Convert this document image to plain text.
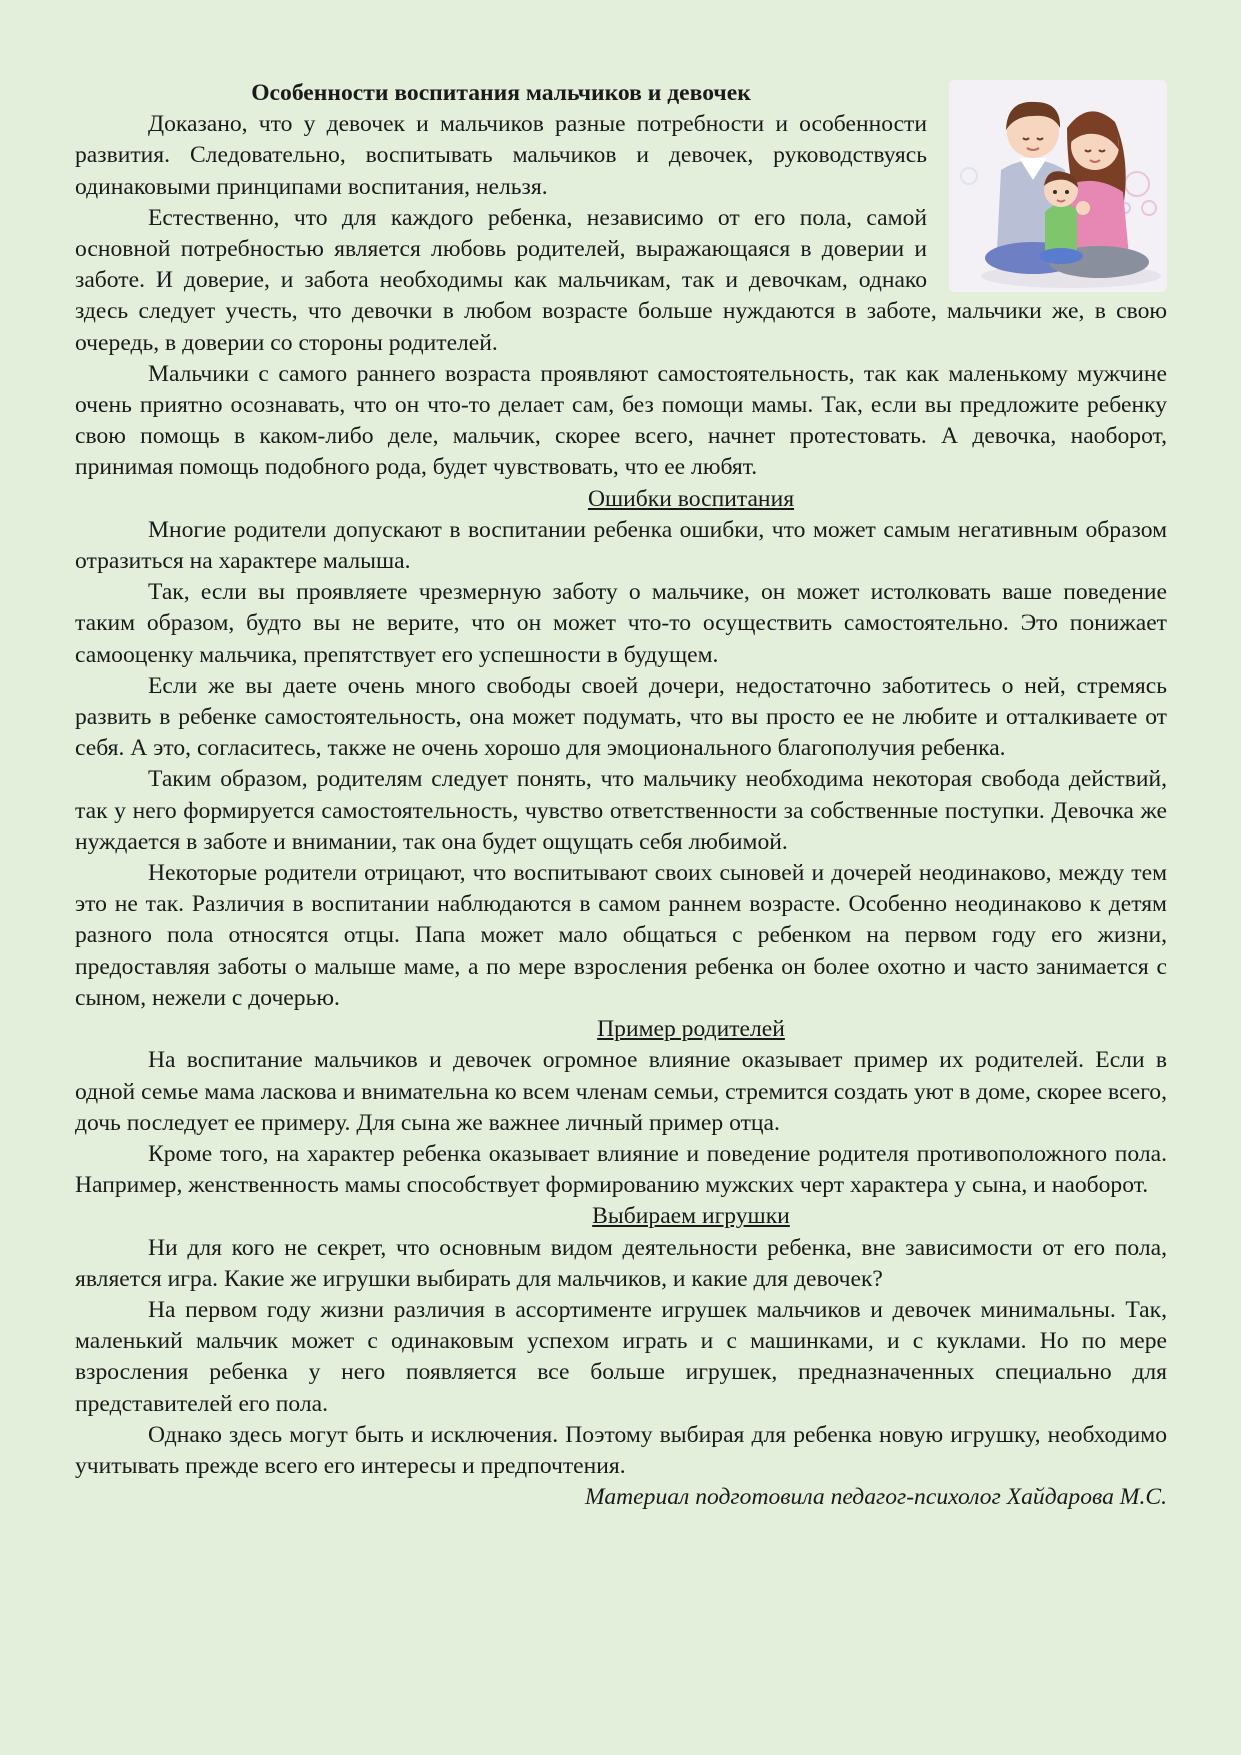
Особенности воспитания мальчиков и девочек

Доказано, что у девочек и мальчиков разные потребности и особенности развития. Следовательно, воспитывать мальчиков и девочек, руководствуясь одинаковыми принципами воспитания, нельзя.

Естественно, что для каждого ребенка, независимо от его пола, самой основной потребностью является любовь родителей, выражающаяся в доверии и заботе. И доверие, и забота необходимы как мальчикам, так и девочкам, однако здесь следует учесть, что девочки в любом возрасте больше нуждаются в заботе, мальчики же, в свою очередь, в доверии со стороны родителей.

Мальчики с самого раннего возраста проявляют самостоятельность, так как маленькому мужчине очень приятно осознавать, что он что-то делает сам, без помощи мамы. Так, если вы предложите ребенку свою помощь в каком-либо деле, мальчик, скорее всего, начнет протестовать. А девочка, наоборот, принимая помощь подобного рода, будет чувствовать, что ее любят.

Ошибки воспитания

Многие родители допускают в воспитании ребенка ошибки, что может самым негативным образом отразиться на характере малыша.

Так, если вы проявляете чрезмерную заботу о мальчике, он может истолковать ваше поведение таким образом, будто вы не верите, что он может что-то осуществить самостоятельно. Это понижает самооценку мальчика, препятствует его успешности в будущем.

Если же вы даете очень много свободы своей дочери, недостаточно заботитесь о ней, стремясь развить в ребенке самостоятельность, она может подумать, что вы просто ее не любите и отталкиваете от себя. А это, согласитесь, также не очень хорошо для эмоционального благополучия ребенка.

Таким образом, родителям следует понять, что мальчику необходима некоторая свобода действий, так у него формируется самостоятельность, чувство ответственности за собственные поступки. Девочка же нуждается в заботе и внимании, так она будет ощущать себя любимой.

Некоторые родители отрицают, что воспитывают своих сыновей и дочерей неодинаково, между тем это не так. Различия в воспитании наблюдаются в самом раннем возрасте. Особенно неодинаково к детям разного пола относятся отцы. Папа может мало общаться с ребенком на первом году его жизни, предоставляя заботы о малыше маме, а по мере взросления ребенка он более охотно и часто занимается с сыном, нежели с дочерью.

Пример родителей

На воспитание мальчиков и девочек огромное влияние оказывает пример их родителей. Если в одной семье мама ласкова и внимательна ко всем членам семьи, стремится создать уют в доме, скорее всего, дочь последует ее примеру. Для сына же важнее личный пример отца.

Кроме того, на характер ребенка оказывает влияние и поведение родителя противоположного пола. Например, женственность мамы способствует формированию мужских черт характера у сына, и наоборот.

Выбираем игрушки

Ни для кого не секрет, что основным видом деятельности ребенка, вне зависимости от его пола, является игра. Какие же игрушки выбирать для мальчиков, и какие для девочек?

На первом году жизни различия в ассортименте игрушек мальчиков и девочек минимальны. Так, маленький мальчик может с одинаковым успехом играть и с машинками, и с куклами. Но по мере взросления ребенка у него появляется все больше игрушек, предназначенных специально для представителей его пола.

Однако здесь могут быть и исключения. Поэтому выбирая для ребенка новую игрушку, необходимо учитывать прежде всего его интересы и предпочтения.

Материал подготовила педагог-психолог Хайдарова М.С.
